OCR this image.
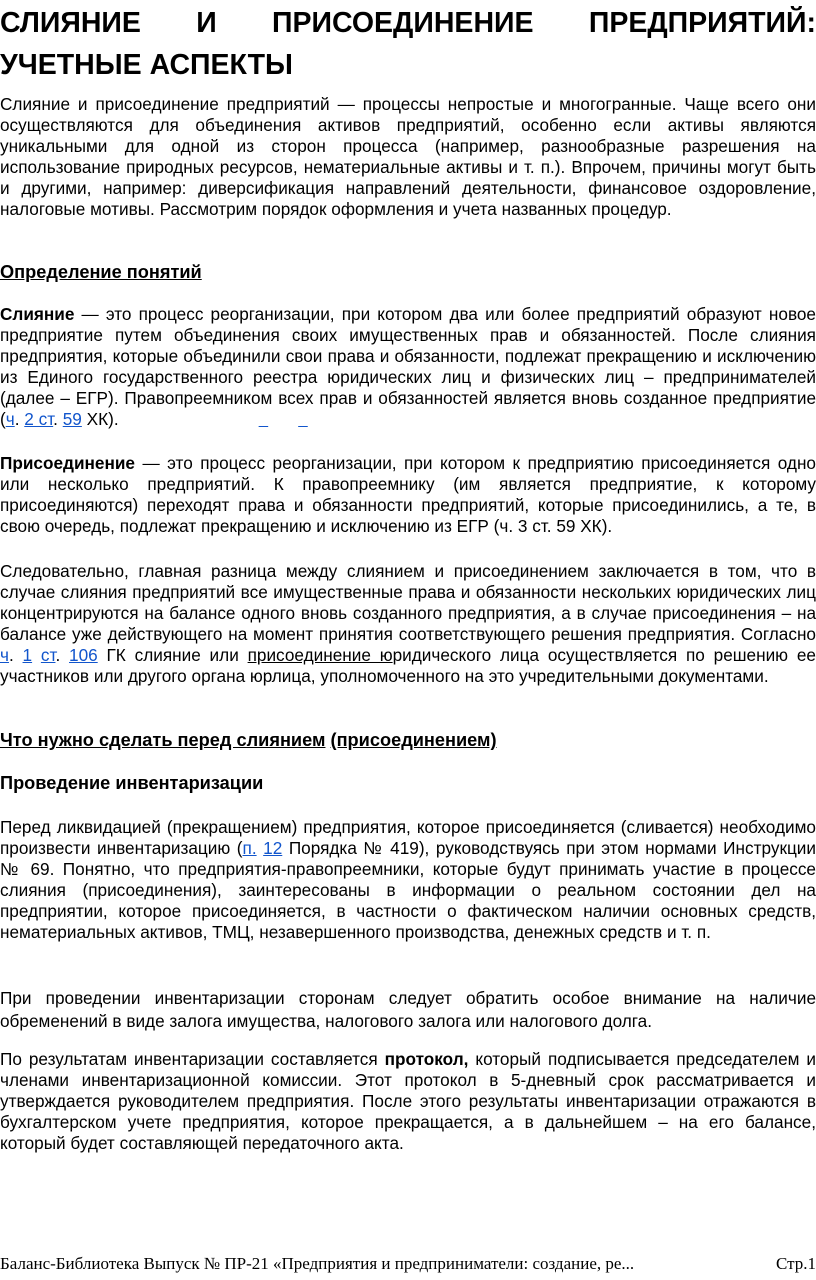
СЛИЯНИЕ И ПРИСОЕДИНЕНИЕ ПРЕДПРИЯТИЙ:
УЧЕТНЫЕ АСПЕКТЫ

Слияние и присоединение предприятий — процессы непростые и многогранные. Чаще всего они осуществляются для объединения активов предприятий, особенно если активы являются уникальными для одной из сторон процесса (например, разнообразные разрешения на использование природных ресурсов, нематериальные активы и т. п.). Впрочем, причины могут быть и другими, например: диверсификация направлений деятельности, финансовое оздоровление, налоговые мотивы. Рассмотрим порядок оформления и учета названных процедур.

Определение понятий

Слияние — это процесс реорганизации, при котором два или более предприятий образуют новое предприятие путем объединения своих имущественных прав и обязанностей. После слияния предприятия, которые объединили свои права и обязанности, подлежат прекращению и исключению из Единого государственного реестра юридических лиц и физических лиц – предпринимателей (далее – ЕГР). Правопреемником всех прав и обязанностей является вновь созданное предприятие (ч. 2 ст. 59 ХК).

Присоединение — это процесс реорганизации, при котором к предприятию присоединяется одно или несколько предприятий. К правопреемнику (им является предприятие, к которому присоединяются) переходят права и обязанности предприятий, которые присоединились, а те, в свою очередь, подлежат прекращению и исключению из ЕГР (ч. 3 ст. 59 ХК).

Следовательно, главная разница между слиянием и присоединением заключается в том, что в случае слияния предприятий все имущественные права и обязанности нескольких юридических лиц концентрируются на балансе одного вновь созданного предприятия, а в случае присоединения – на балансе уже действующего на момент принятия соответствующего решения предприятия. Согласно ч. 1 ст. 106 ГК слияние или присоединение юридического лица осуществляется по решению ее участников или другого органа юрлица, уполномоченного на это учредительными документами.

Что нужно сделать перед слиянием (присоединением)
Проведение инвентаризации

Перед ликвидацией (прекращением) предприятия, которое присоединяется (сливается) необходимо произвести инвентаризацию (п. 12 Порядка № 419), руководствуясь при этом нормами Инструкции № 69. Понятно, что предприятия-правопреемники, которые будут принимать участие в процессе слияния (присоединения), заинтересованы в информации о реальном состоянии дел на предприятии, которое присоединяется, в частности о фактическом наличии основных средств, нематериальных активов, ТМЦ, незавершенного производства, денежных средств и т. п.

При проведении инвентаризации сторонам следует обратить особое внимание на наличие обременений в виде залога имущества, налогового залога или налогового долга.

По результатам инвентаризации составляется протокол, который подписывается председателем и членами инвентаризационной комиссии. Этот протокол в 5-дневный срок рассматривается и утверждается руководителем предприятия. После этого результаты инвентаризации отражаются в бухгалтерском учете предприятия, которое прекращается, а в дальнейшем – на его балансе, который будет составляющей передаточного акта.

Баланс-Библиотека Выпуск № ПР-21 «Предприятия и предприниматели: создание, ре...	Стр.1
